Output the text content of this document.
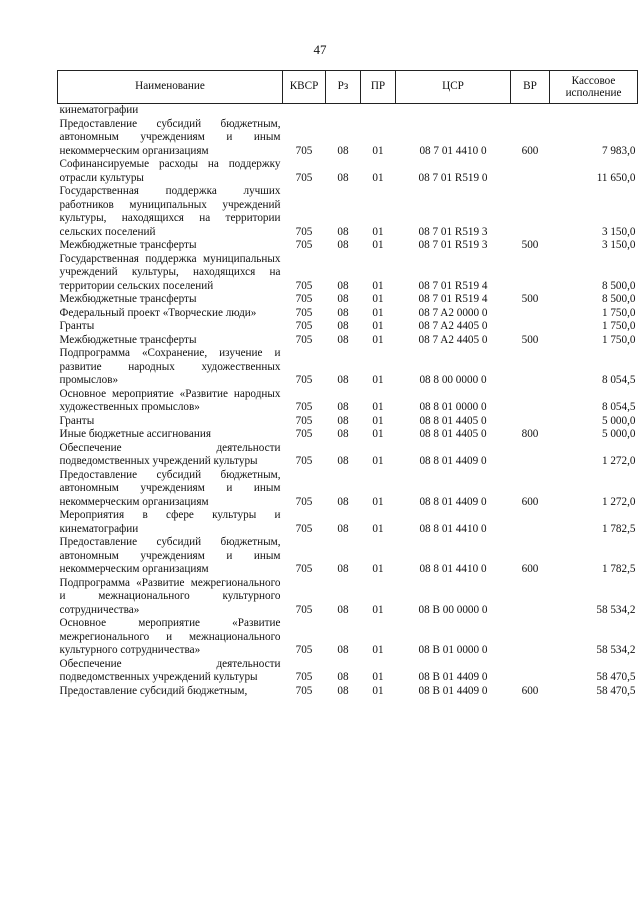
47
Наименование	КВСР	Рз	ПР	ЦСР	ВР	Кассовое исполнение
кинематографии						
Предоставление субсидий бюджетным, автономным учреждениям и иным некоммерческим организациям	705	08	01	08 7 01 4410 0	600	7 983,0
Софинансируемые расходы на поддержку отрасли культуры	705	08	01	08 7 01 R519 0		11 650,0
Государственная поддержка лучших работников муниципальных учреждений культуры, находящихся на территории сельских поселений	705	08	01	08 7 01 R519 3		3 150,0
Межбюджетные трансферты	705	08	01	08 7 01 R519 3	500	3 150,0
Государственная поддержка муниципальных учреждений культуры, находящихся на территории сельских поселений	705	08	01	08 7 01 R519 4		8 500,0
Межбюджетные трансферты	705	08	01	08 7 01 R519 4	500	8 500,0
Федеральный проект «Творческие люди»	705	08	01	08 7 A2 0000 0		1 750,0
Гранты	705	08	01	08 7 A2 4405 0		1 750,0
Межбюджетные трансферты	705	08	01	08 7 A2 4405 0	500	1 750,0
Подпрограмма «Сохранение, изучение и развитие народных художественных промыслов»	705	08	01	08 8 00 0000 0		8 054,5
Основное мероприятие «Развитие народных художественных промыслов»	705	08	01	08 8 01 0000 0		8 054,5
Гранты	705	08	01	08 8 01 4405 0		5 000,0
Иные бюджетные ассигнования	705	08	01	08 8 01 4405 0	800	5 000,0
Обеспечение деятельности подведомственных учреждений культуры	705	08	01	08 8 01 4409 0		1 272,0
Предоставление субсидий бюджетным, автономным учреждениям и иным некоммерческим организациям	705	08	01	08 8 01 4409 0	600	1 272,0
Мероприятия в сфере культуры и кинематографии	705	08	01	08 8 01 4410 0		1 782,5
Предоставление субсидий бюджетным, автономным учреждениям и иным некоммерческим организациям	705	08	01	08 8 01 4410 0	600	1 782,5
Подпрограмма «Развитие межрегионального и межнационального культурного сотрудничества»	705	08	01	08 В 00 0000 0		58 534,2
Основное мероприятие «Развитие межрегионального и межнационального культурного сотрудничества»	705	08	01	08 В 01 0000 0		58 534,2
Обеспечение деятельности подведомственных учреждений культуры	705	08	01	08 В 01 4409 0		58 470,5
Предоставление субсидий бюджетным,	705	08	01	08 В 01 4409 0	600	58 470,5
